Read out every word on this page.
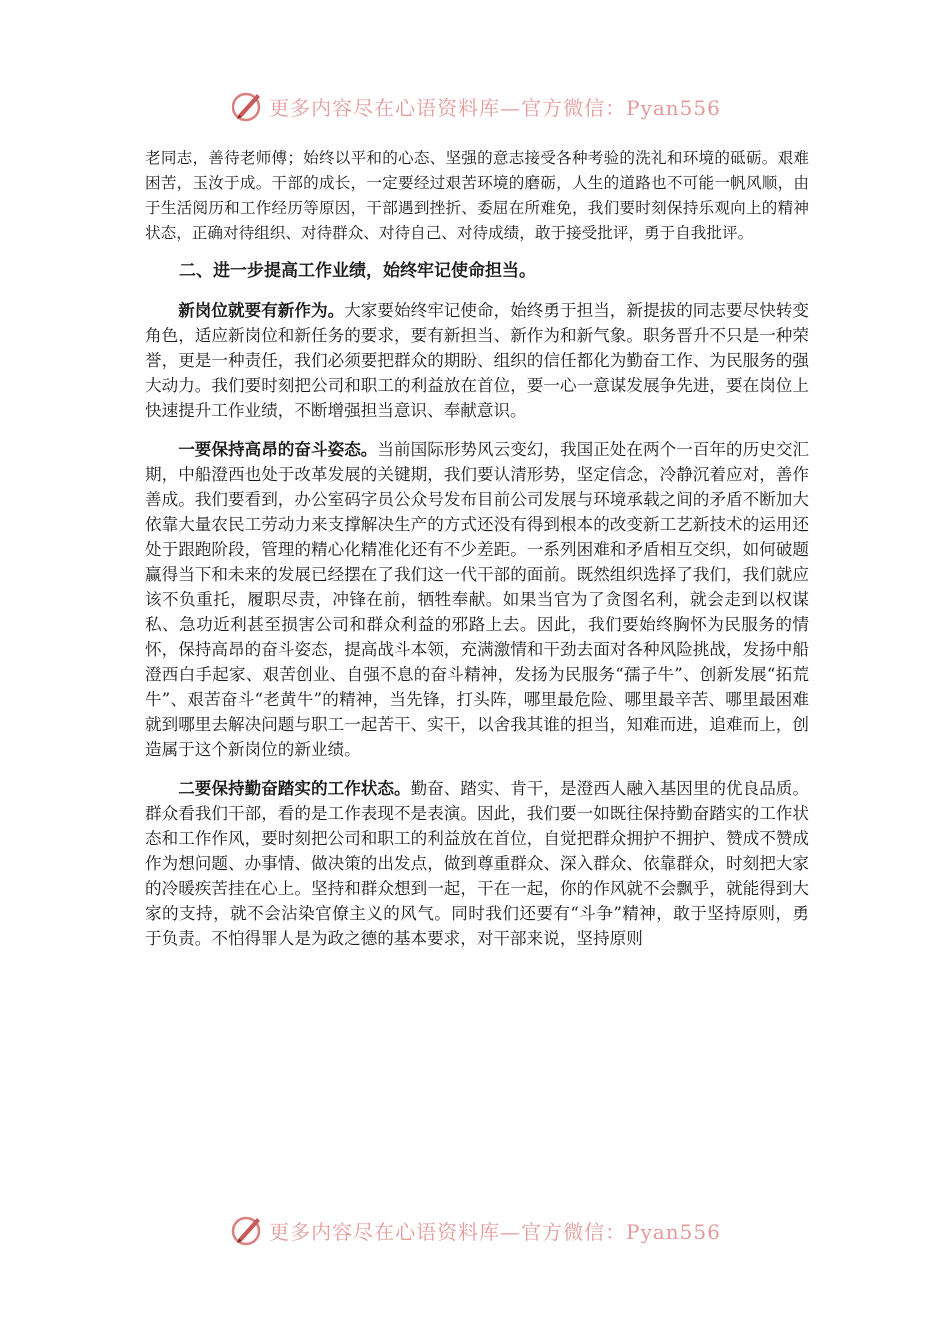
更多内容尽在心语资料库—官方微信：Pyan556

老同志，善待老师傅；始终以平和的心态、坚强的意志接受各种考验的洗礼和环境的砥砺。艰难困苦，玉汝于成。干部的成长，一定要经过艰苦环境的磨砺，人生的道路也不可能一帆风顺，由于生活阅历和工作经历等原因，干部遇到挫折、委屈在所难免，我们要时刻保持乐观向上的精神状态，正确对待组织、对待群众、对待自己、对待成绩，敢于接受批评，勇于自我批评。

二、进一步提高工作业绩，始终牢记使命担当。

新岗位就要有新作为。大家要始终牢记使命，始终勇于担当，新提拔的同志要尽快转变角色，适应新岗位和新任务的要求，要有新担当、新作为和新气象。职务晋升不只是一种荣誉，更是一种责任，我们必须要把群众的期盼、组织的信任都化为勤奋工作、为民服务的强大动力。我们要时刻把公司和职工的利益放在首位，要一心一意谋发展争先进，要在岗位上快速提升工作业绩，不断增强担当意识、奉献意识。

一要保持高昂的奋斗姿态。当前国际形势风云变幻，我国正处在两个一百年的历史交汇期，中船澄西也处于改革发展的关键期，我们要认清形势，坚定信念，冷静沉着应对，善作善成。我们要看到，办公室码字员公众号发布目前公司发展与环境承载之间的矛盾不断加大依靠大量农民工劳动力来支撑解决生产的方式还没有得到根本的改变新工艺新技术的运用还处于跟跑阶段，管理的精心化精准化还有不少差距。一系列困难和矛盾相互交织，如何破题赢得当下和未来的发展已经摆在了我们这一代干部的面前。既然组织选择了我们，我们就应该不负重托，履职尽责，冲锋在前，牺牲奉献。如果当官为了贪图名利，就会走到以权谋私、急功近利甚至损害公司和群众利益的邪路上去。因此，我们要始终胸怀为民服务的情怀，保持高昂的奋斗姿态，提高战斗本领，充满激情和干劲去面对各种风险挑战，发扬中船澄西白手起家、艰苦创业、自强不息的奋斗精神，发扬为民服务“孺子牛”、创新发展“拓荒牛”、艰苦奋斗“老黄牛”的精神，当先锋，打头阵，哪里最危险、哪里最辛苦、哪里最困难就到哪里去解决问题与职工一起苦干、实干，以舍我其谁的担当，知难而进，追难而上，创造属于这个新岗位的新业绩。

二要保持勤奋踏实的工作状态。勤奋、踏实、肯干，是澄西人融入基因里的优良品质。群众看我们干部，看的是工作表现不是表演。因此，我们要一如既往保持勤奋踏实的工作状态和工作作风，要时刻把公司和职工的利益放在首位，自觉把群众拥护不拥护、赞成不赞成作为想问题、办事情、做决策的出发点，做到尊重群众、深入群众、依靠群众，时刻把大家的冷暖疾苦挂在心上。坚持和群众想到一起，干在一起，你的作风就不会飘乎，就能得到大家的支持，就不会沾染官僚主义的风气。同时我们还要有“斗争”精神，敢于坚持原则，勇于负责。不怕得罪人是为政之德的基本要求，对干部来说，坚持原则

更多内容尽在心语资料库—官方微信：Pyan556
